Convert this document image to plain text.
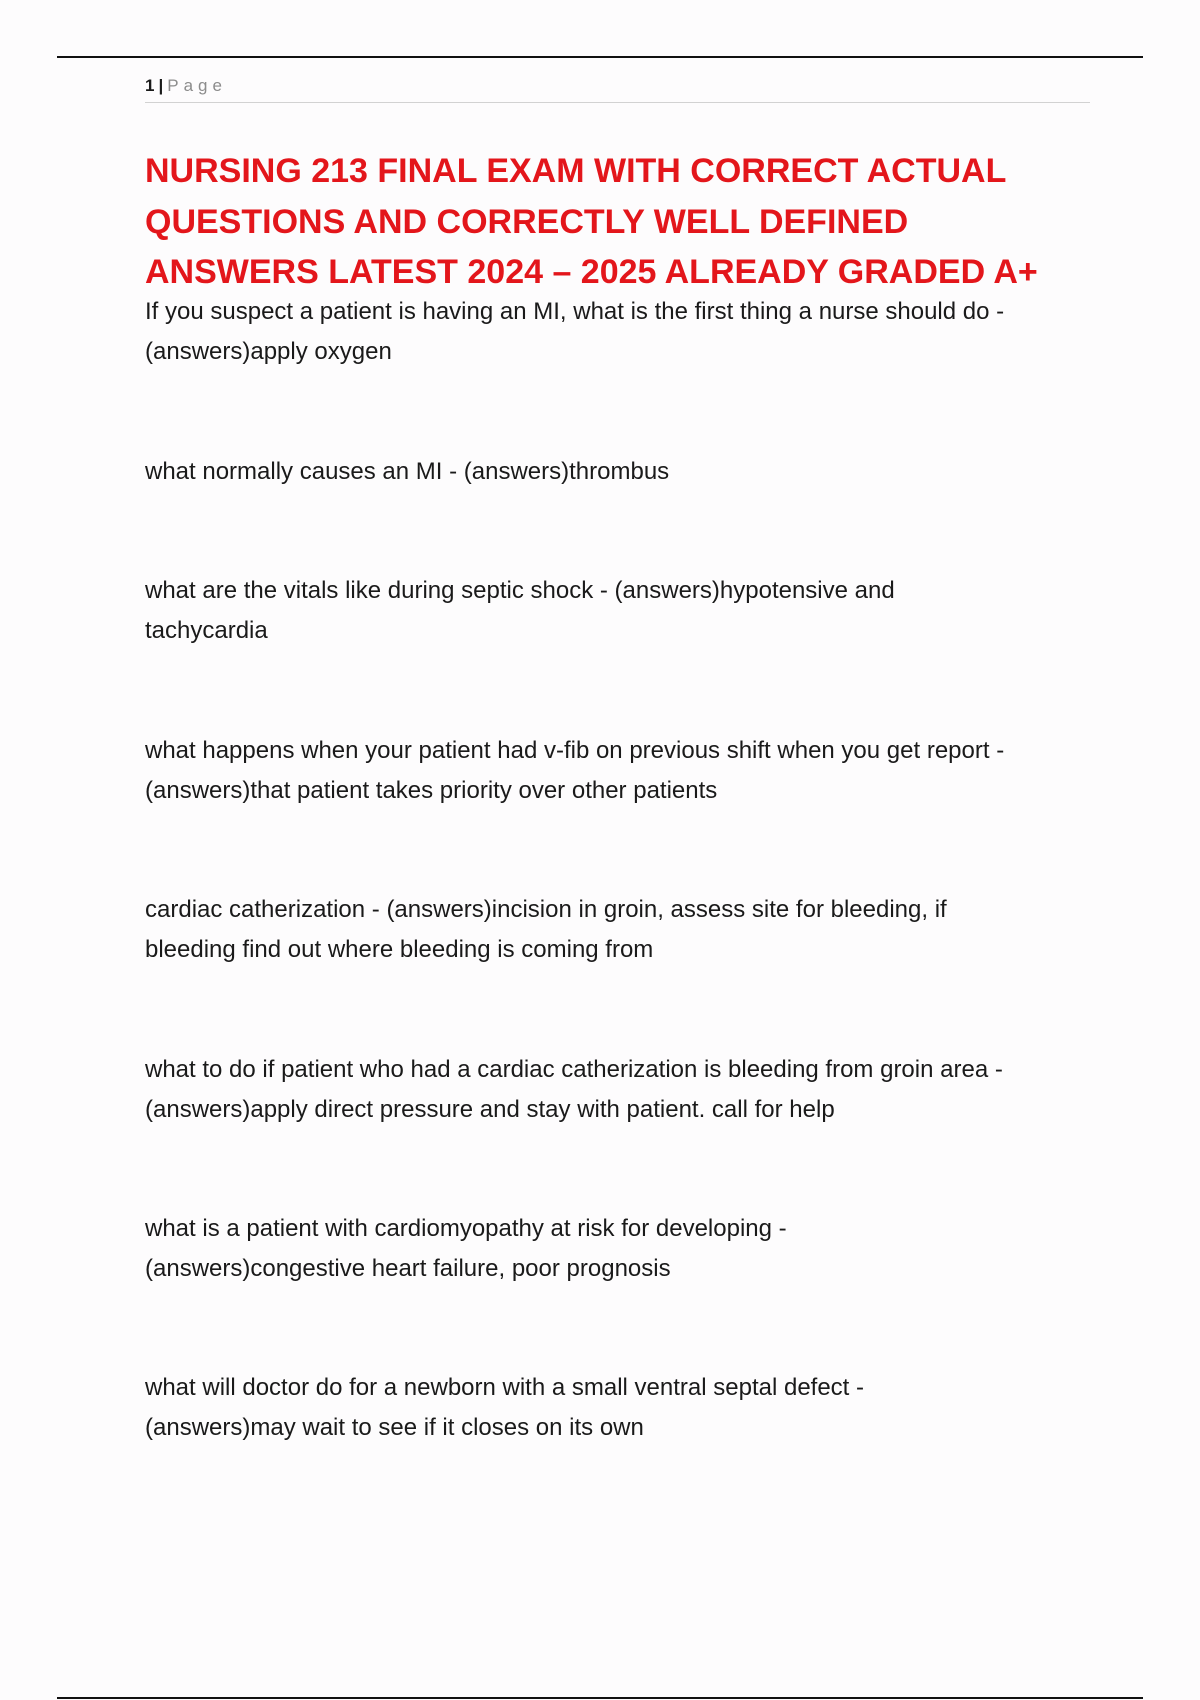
1 | Page
NURSING 213 FINAL EXAM WITH CORRECT ACTUAL
QUESTIONS AND CORRECTLY WELL DEFINED
ANSWERS LATEST 2024 – 2025 ALREADY GRADED A+
If you suspect a patient is having an MI, what is the first thing a nurse should do -
(answers)apply oxygen
what normally causes an MI - (answers)thrombus
what are the vitals like during septic shock - (answers)hypotensive and
tachycardia
what happens when your patient had v-fib on previous shift when you get report -
(answers)that patient takes priority over other patients
cardiac catherization - (answers)incision in groin, assess site for bleeding, if
bleeding find out where bleeding is coming from
what to do if patient who had a cardiac catherization is bleeding from groin area -
(answers)apply direct pressure and stay with patient. call for help
what is a patient with cardiomyopathy at risk for developing -
(answers)congestive heart failure, poor prognosis
what will doctor do for a newborn with a small ventral septal defect -
(answers)may wait to see if it closes on its own
